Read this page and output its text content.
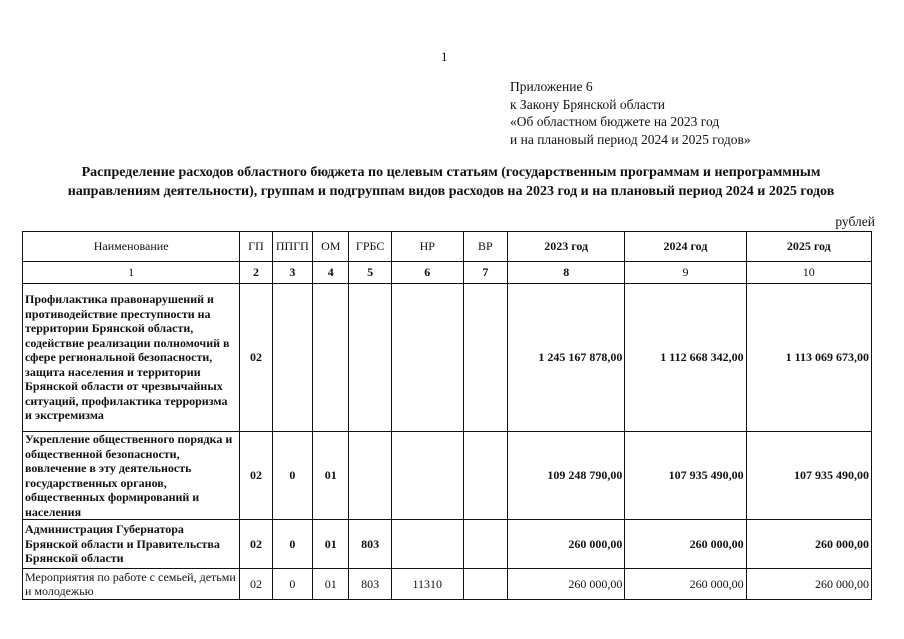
1
Приложение 6
к Закону Брянской области
«Об областном бюджете на 2023 год
и на плановый период 2024 и 2025 годов»
Распределение расходов областного бюджета по целевым статьям (государственным программам и непрограммным
направлениям деятельности), группам и подгруппам видов расходов на 2023 год и на плановый период 2024 и 2025 годов
рублей
Наименование	ГП	ППГП	ОМ	ГРБС	НР	ВР	2023 год	2024 год	2025 год
1	2	3	4	5	6	7	8	9	10
Профилактика правонарушений и противодействие преступности на территории Брянской области, содействие реализации полномочий в сфере региональной безопасности, защита населения и территории Брянской области от чрезвычайных ситуаций, профилактика терроризма и экстремизма	02						1 245 167 878,00	1 112 668 342,00	1 113 069 673,00
Укрепление общественного порядка и общественной безопасности, вовлечение в эту деятельность государственных органов, общественных формирований и населения	02	0	01				109 248 790,00	107 935 490,00	107 935 490,00
Администрация Губернатора Брянской области и Правительства Брянской области	02	0	01	803			260 000,00	260 000,00	260 000,00
Мероприятия по работе с семьей, детьми и молодежью	02	0	01	803	11310		260 000,00	260 000,00	260 000,00
